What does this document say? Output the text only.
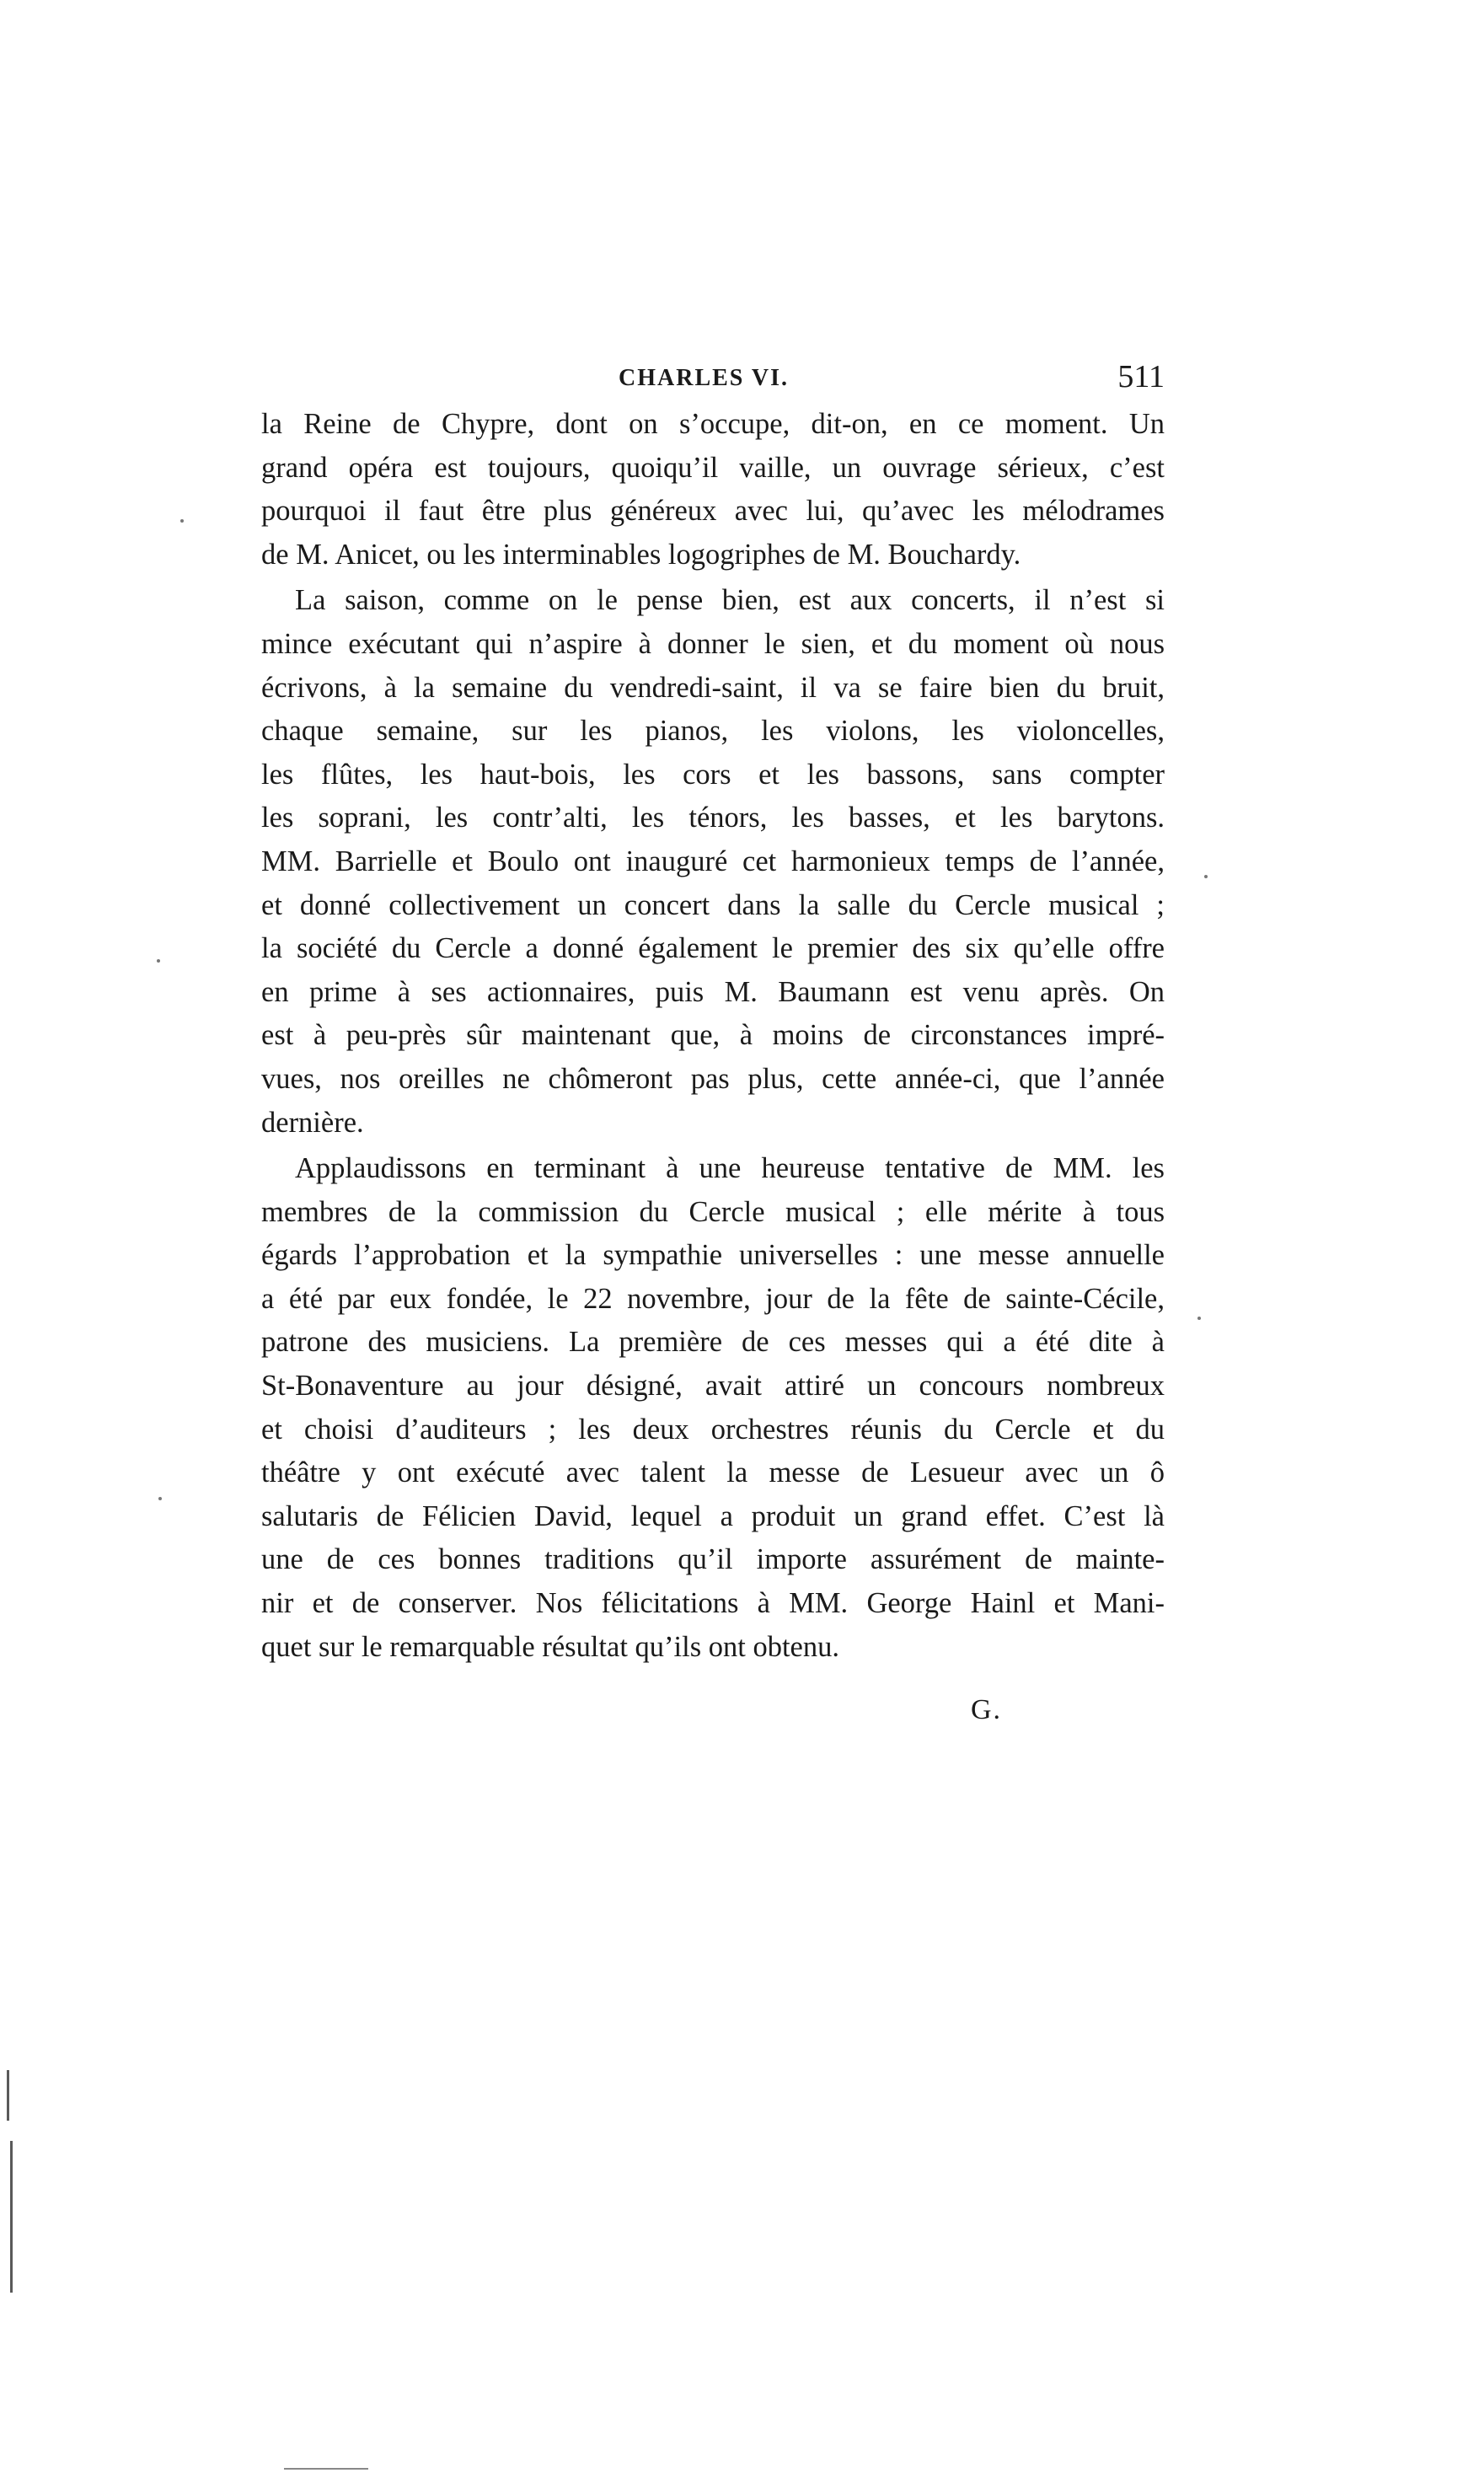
CHARLES VI.	511
la Reine de Chypre, dont on s’occupe, dit-on, en ce moment. Un
grand opéra est toujours, quoiqu’il vaille, un ouvrage sérieux, c’est
pourquoi il faut être plus généreux avec lui, qu’avec les mélodrames
de M. Anicet, ou les interminables logogriphes de M. Bouchardy.
La saison, comme on le pense bien, est aux concerts, il n’est si
mince exécutant qui n’aspire à donner le sien, et du moment où nous
écrivons, à la semaine du vendredi-saint, il va se faire bien du bruit,
chaque semaine, sur les pianos, les violons, les violoncelles,
les flûtes, les haut-bois, les cors et les bassons, sans compter
les soprani, les contr’alti, les ténors, les basses, et les barytons.
MM. Barrielle et Boulo ont inauguré cet harmonieux temps de l’année,
et donné collectivement un concert dans la salle du Cercle musical ;
la société du Cercle a donné également le premier des six qu’elle offre
en prime à ses actionnaires, puis M. Baumann est venu après. On
est à peu-près sûr maintenant que, à moins de circonstances impré-
vues, nos oreilles ne chômeront pas plus, cette année-ci, que l’année
dernière.
Applaudissons en terminant à une heureuse tentative de MM. les
membres de la commission du Cercle musical ; elle mérite à tous
égards l’approbation et la sympathie universelles : une messe annuelle
a été par eux fondée, le 22 novembre, jour de la fête de sainte-Cécile,
patrone des musiciens. La première de ces messes qui a été dite à
St-Bonaventure au jour désigné, avait attiré un concours nombreux
et choisi d’auditeurs ; les deux orchestres réunis du Cercle et du
théâtre y ont exécuté avec talent la messe de Lesueur avec un ô
salutaris de Félicien David, lequel a produit un grand effet. C’est là
une de ces bonnes traditions qu’il importe assurément de mainte-
nir et de conserver. Nos félicitations à MM. George Hainl et Mani-
quet sur le remarquable résultat qu’ils ont obtenu.
G.
